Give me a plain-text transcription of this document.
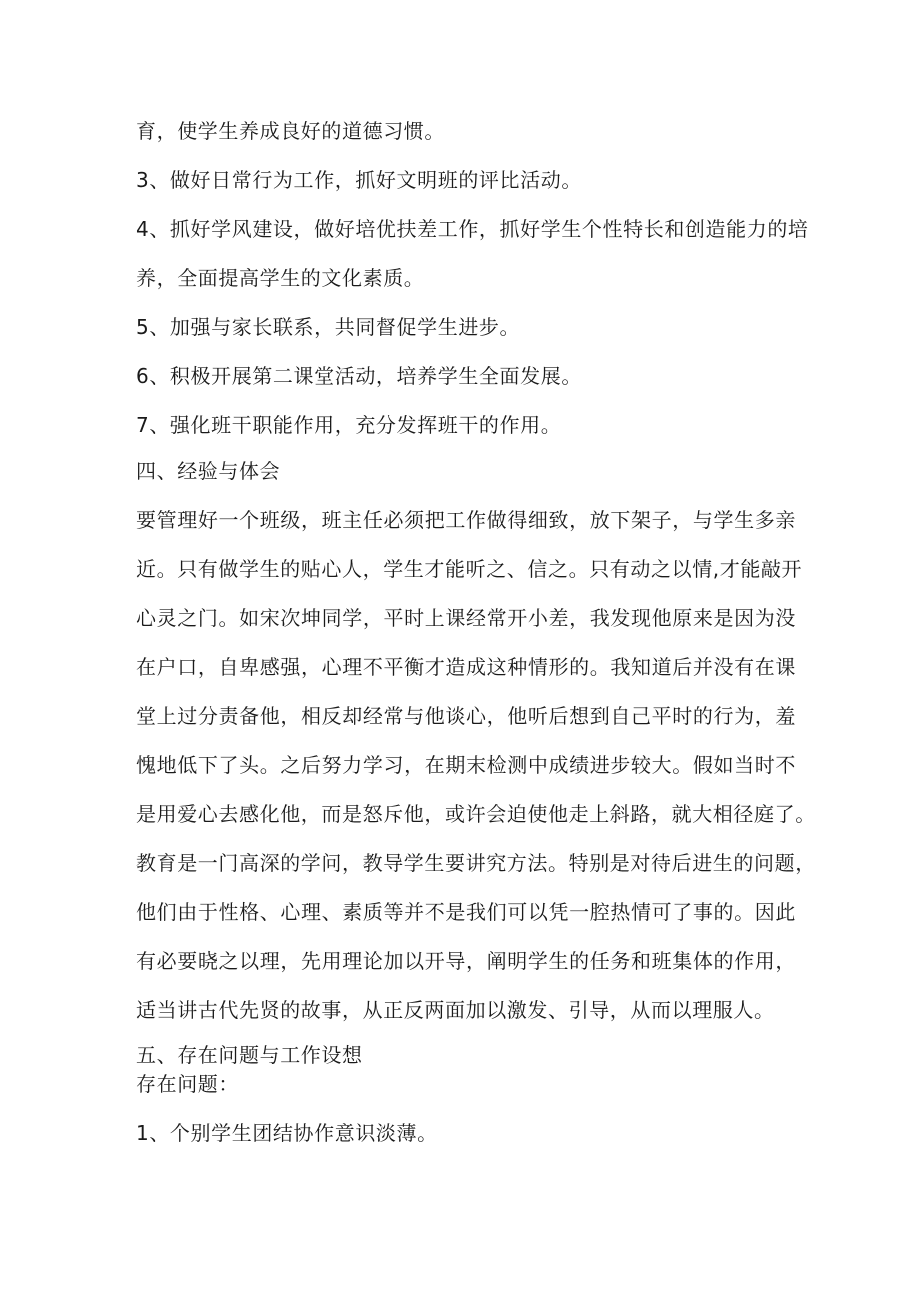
育，使学生养成良好的道德习惯。
3、做好日常行为工作，抓好文明班的评比活动。
4、抓好学风建设，做好培优扶差工作，抓好学生个性特长和创造能力的培
养，全面提高学生的文化素质。
5、加强与家长联系，共同督促学生进步。
6、积极开展第二课堂活动，培养学生全面发展。
7、强化班干职能作用，充分发挥班干的作用。
四、经验与体会
要管理好一个班级，班主任必须把工作做得细致，放下架子，与学生多亲
近。只有做学生的贴心人，学生才能听之、信之。只有动之以情,才能敲开
心灵之门。如宋次坤同学，平时上课经常开小差，我发现他原来是因为没
在户口，自卑感强，心理不平衡才造成这种情形的。我知道后并没有在课
堂上过分责备他，相反却经常与他谈心，他听后想到自己平时的行为，羞
愧地低下了头。之后努力学习，在期末检测中成绩进步较大。假如当时不
是用爱心去感化他，而是怒斥他，或许会迫使他走上斜路，就大相径庭了。
教育是一门高深的学问，教导学生要讲究方法。特别是对待后进生的问题，
他们由于性格、心理、素质等并不是我们可以凭一腔热情可了事的。因此
有必要晓之以理，先用理论加以开导，阐明学生的任务和班集体的作用，
适当讲古代先贤的故事，从正反两面加以激发、引导，从而以理服人。
五、存在问题与工作设想
存在问题：
1、个别学生团结协作意识淡薄。
